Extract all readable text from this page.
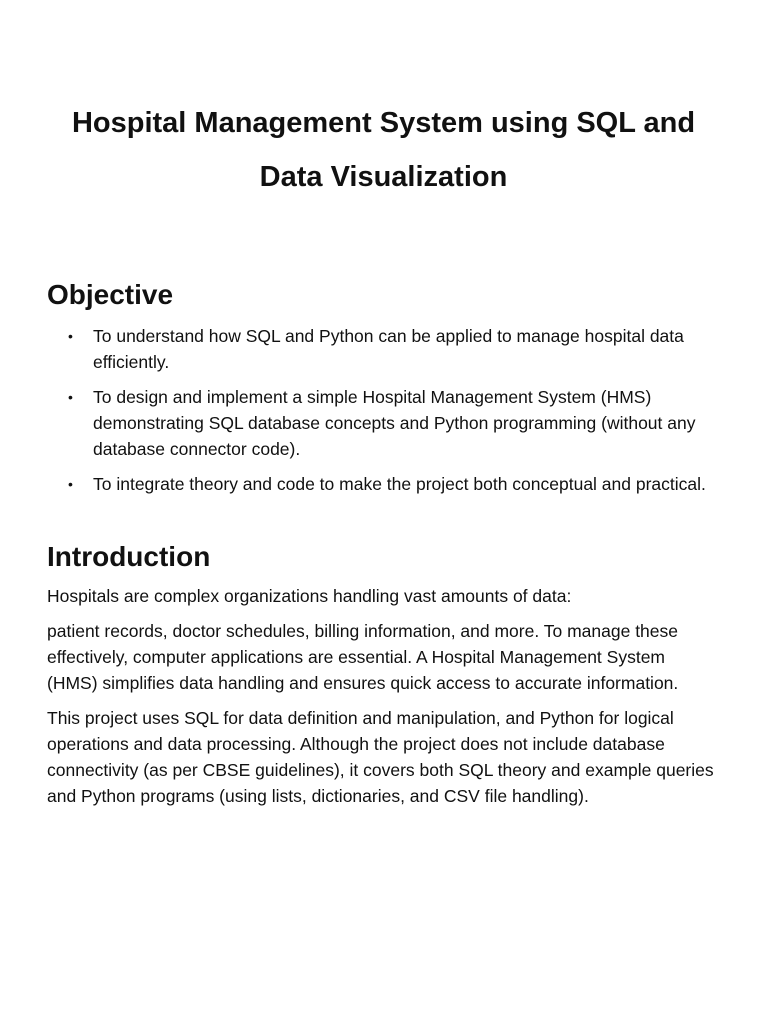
Hospital Management System using SQL and
Data Visualization
Objective
• To understand how SQL and Python can be applied to manage hospital data efficiently.
• To design and implement a simple Hospital Management System (HMS) demonstrating SQL database concepts and Python programming (without any database connector code).
• To integrate theory and code to make the project both conceptual and practical.
Introduction

Hospitals are complex organizations handling vast amounts of data:

patient records, doctor schedules, billing information, and more. To manage these effectively, computer applications are essential. A Hospital Management System (HMS) simplifies data handling and ensures quick access to accurate information.

This project uses SQL for data definition and manipulation, and Python for logical operations and data processing. Although the project does not include database connectivity (as per CBSE guidelines), it covers both SQL theory and example queries and Python programs (using lists, dictionaries, and CSV file handling).
